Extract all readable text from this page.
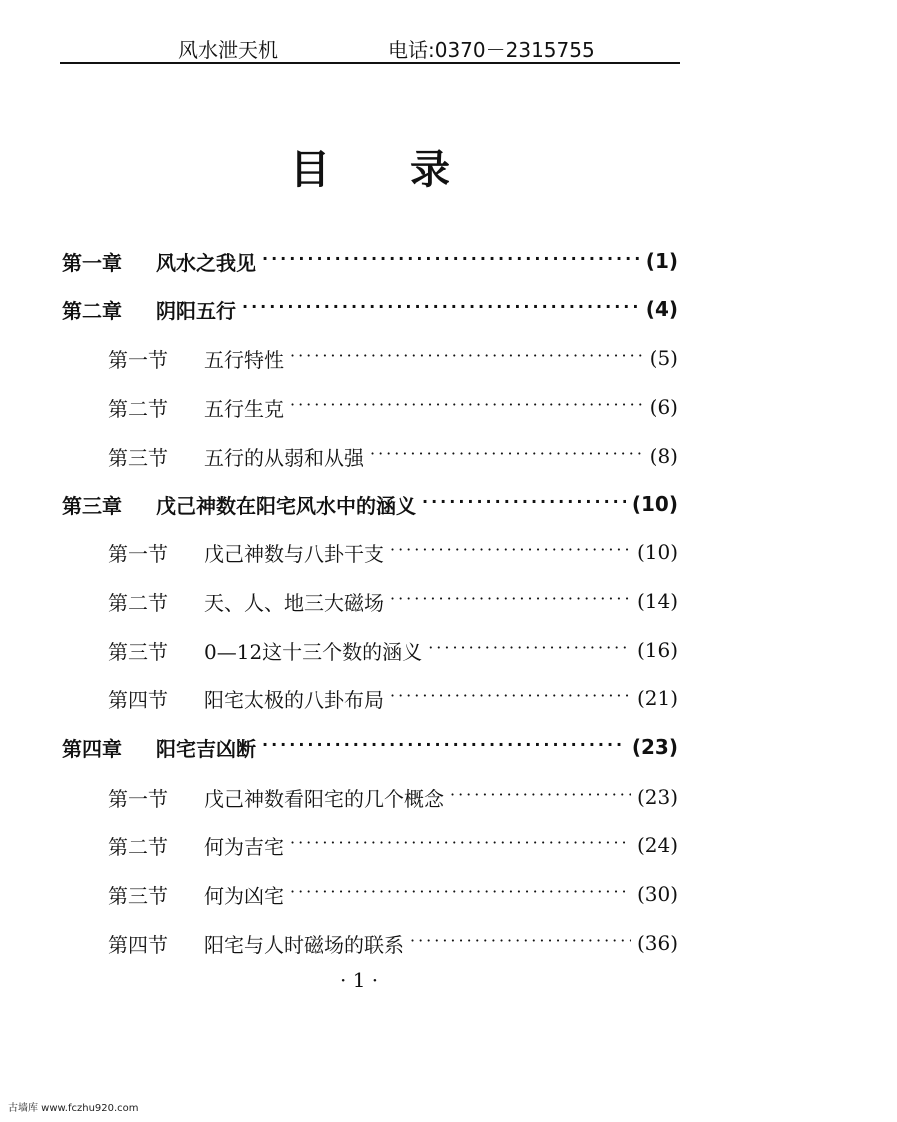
风水泄天机	电话:0370－2315755
目录
第一章	风水之我见 ·····	(1)
第二章	阴阳五行 ·····	(4)
第一节	五行特性 ·····	(5)
第二节	五行生克 ·····	(6)
第三节	五行的从弱和从强 ·····	(8)
第三章	戊己神数在阳宅风水中的涵义 ·····	(10)
第一节	戊己神数与八卦干支 ·····	(10)
第二节	天、人、地三大磁场 ·····	(14)
第三节	0—12这十三个数的涵义 ·····	(16)
第四节	阳宅太极的八卦布局 ·····	(21)
第四章	阳宅吉凶断 ·····	(23)
第一节	戊己神数看阳宅的几个概念 ·····	(23)
第二节	何为吉宅 ·····	(24)
第三节	何为凶宅 ·····	(30)
第四节	阳宅与人时磁场的联系 ·····	(36)
· 1 ·
古墙库 www.fczhu920.com
